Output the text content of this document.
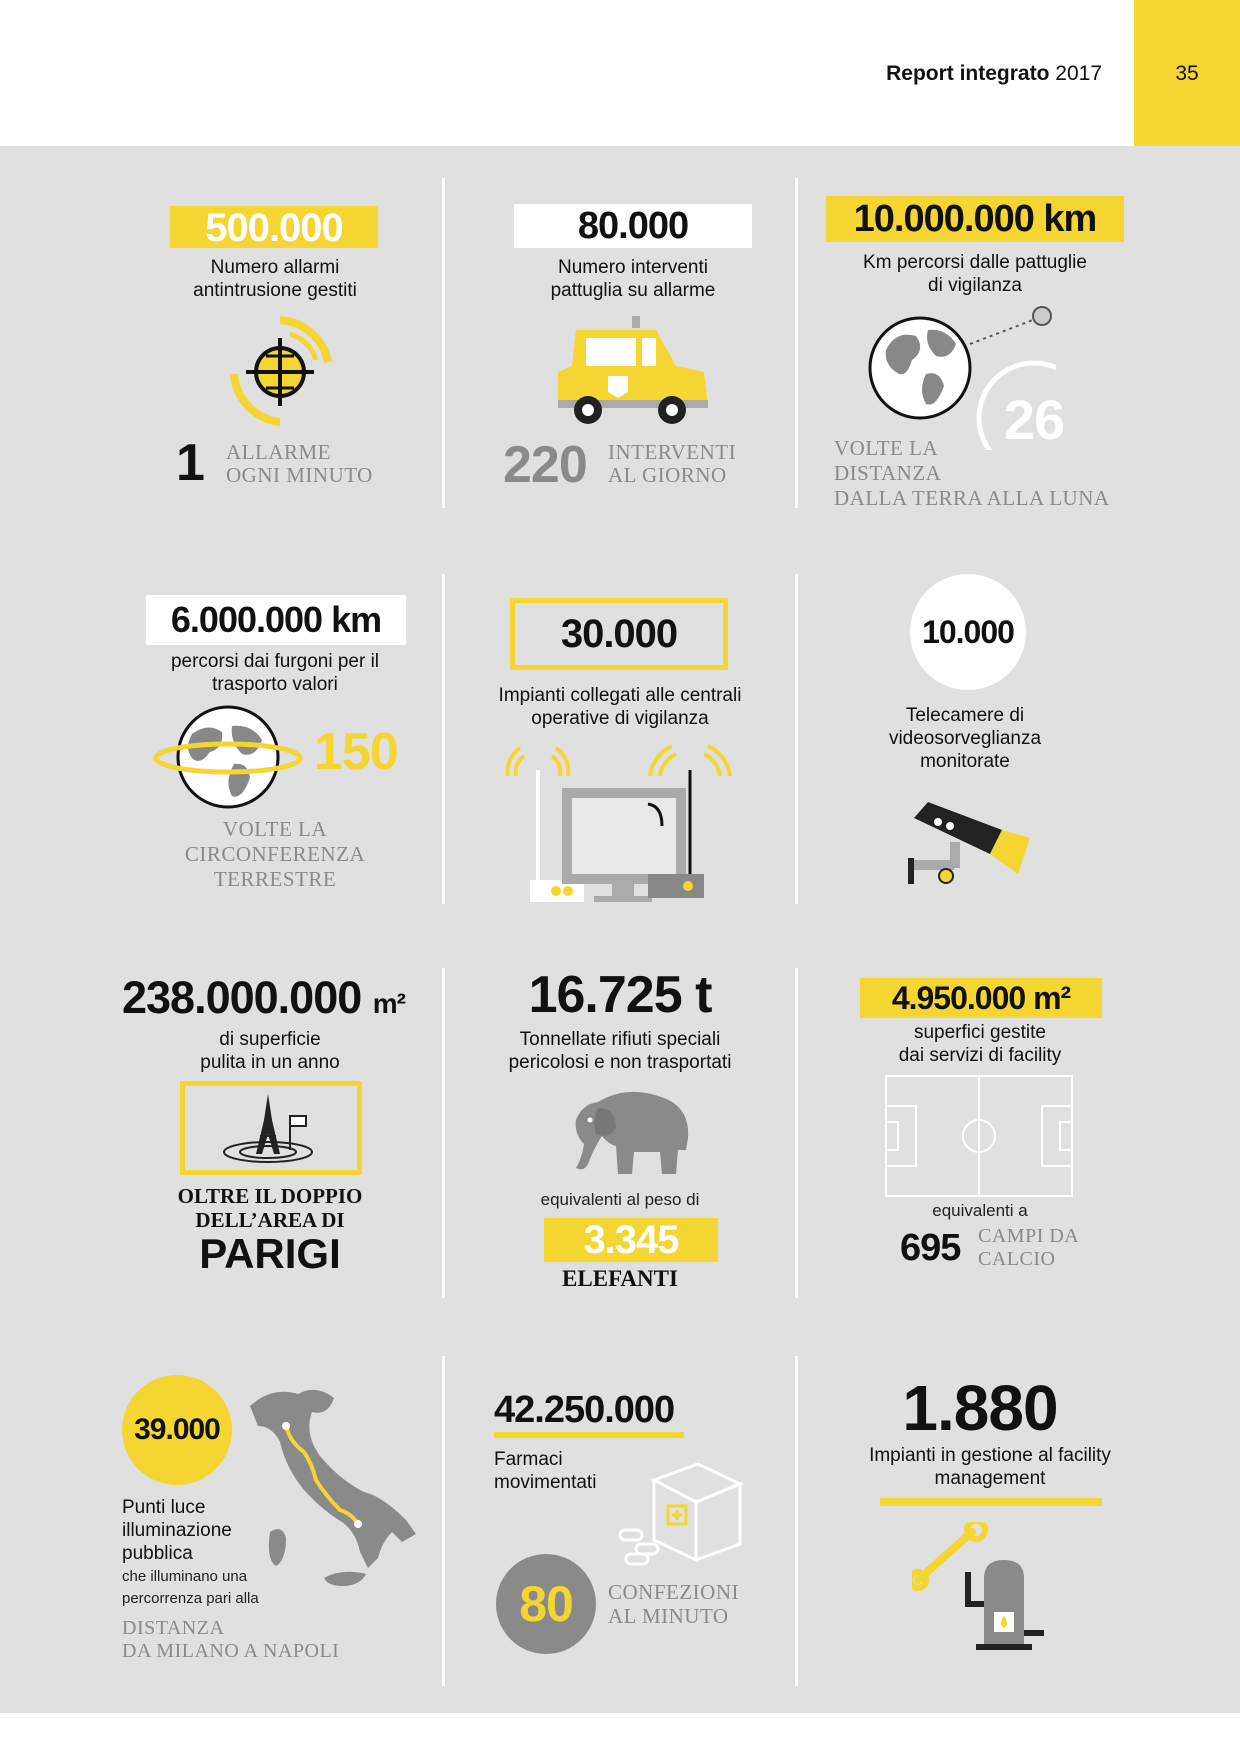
Report integrato 2017	35
500.000
Numero allarmi
antintrusione gestiti
1 ALLARME
OGNI MINUTO
80.000
Numero interventi
pattuglia su allarme
220 INTERVENTI
AL GIORNO
10.000.000 km
Km percorsi dalle pattuglie
di vigilanza
26
VOLTE LA
DISTANZA
DALLA TERRA ALLA LUNA
6.000.000 km
percorsi dai furgoni per il
trasporto valori
150
VOLTE LA
CIRCONFERENZA
TERRESTRE
30.000
Impianti collegati alle centrali
operative di vigilanza
10.000
Telecamere di
videosorveglianza
monitorate
238.000.000 m²
di superficie
pulita in un anno
OLTRE IL DOPPIO
DELL’AREA DI
PARIGI
16.725 t
Tonnellate rifiuti speciali
pericolosi e non trasportati
equivalenti al peso di
3.345
ELEFANTI
4.950.000 m²
superfici gestite
dai servizi di facility
equivalenti a
695 CAMPI DA
CALCIO
39.000
Punti luce
illuminazione
pubblica
che illuminano una
percorrenza pari alla
DISTANZA
DA MILANO A NAPOLI
42.250.000
Farmaci
movimentati
80	CONFEZIONI
AL MINUTO
1.880
Impianti in gestione al facility
management
